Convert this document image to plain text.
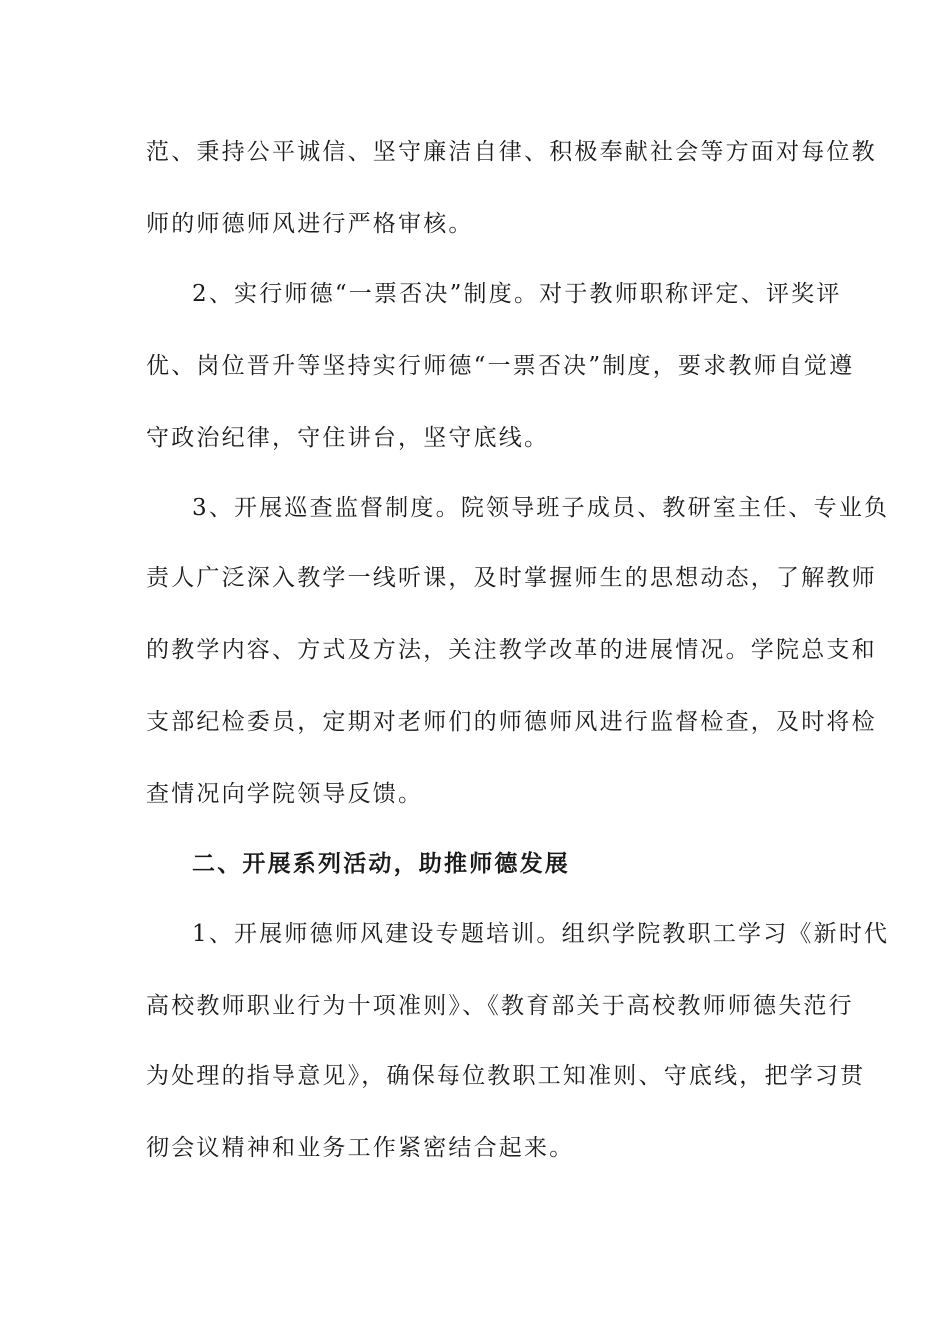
范、秉持公平诚信、坚守廉洁自律、积极奉献社会等方面对每位教
师的师德师风进行严格审核。
2、实行师德“一票否决”制度。对于教师职称评定、评奖评
优、岗位晋升等坚持实行师德“一票否决”制度，要求教师自觉遵
守政治纪律，守住讲台，坚守底线。
3、开展巡查监督制度。院领导班子成员、教研室主任、专业负
责人广泛深入教学一线听课，及时掌握师生的思想动态，了解教师
的教学内容、方式及方法，关注教学改革的进展情况。学院总支和
支部纪检委员，定期对老师们的师德师风进行监督检查，及时将检
查情况向学院领导反馈。
二、开展系列活动，助推师德发展
1、开展师德师风建设专题培训。组织学院教职工学习《新时代
高校教师职业行为十项准则》、《教育部关于高校教师师德失范行
为处理的指导意见》，确保每位教职工知准则、守底线，把学习贯
彻会议精神和业务工作紧密结合起来。
